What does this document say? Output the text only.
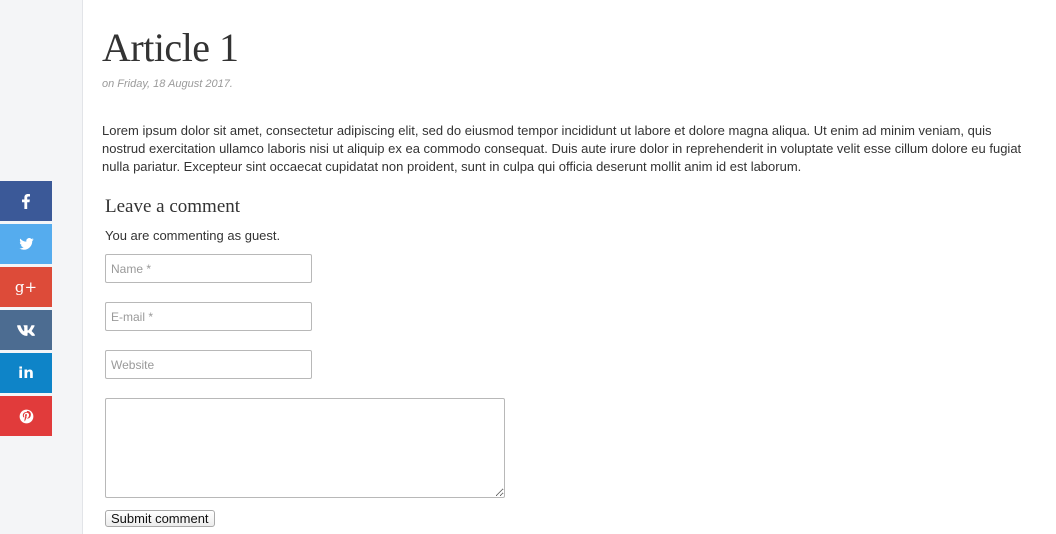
g+
in
Article 1
on Friday, 18 August 2017.
Lorem ipsum dolor sit amet, consectetur adipiscing elit, sed do eiusmod tempor incididunt ut labore et dolore magna aliqua. Ut enim ad minim veniam, quis nostrud exercitation ullamco laboris nisi ut aliquip ex ea commodo consequat. Duis aute irure dolor in reprehenderit in voluptate velit esse cillum dolore eu fugiat nulla pariatur. Excepteur sint occaecat cupidatat non proident, sunt in culpa qui officia deserunt mollit anim id est laborum.
Leave a comment
You are commenting as guest.
Name *
E-mail *
Website
Submit comment
